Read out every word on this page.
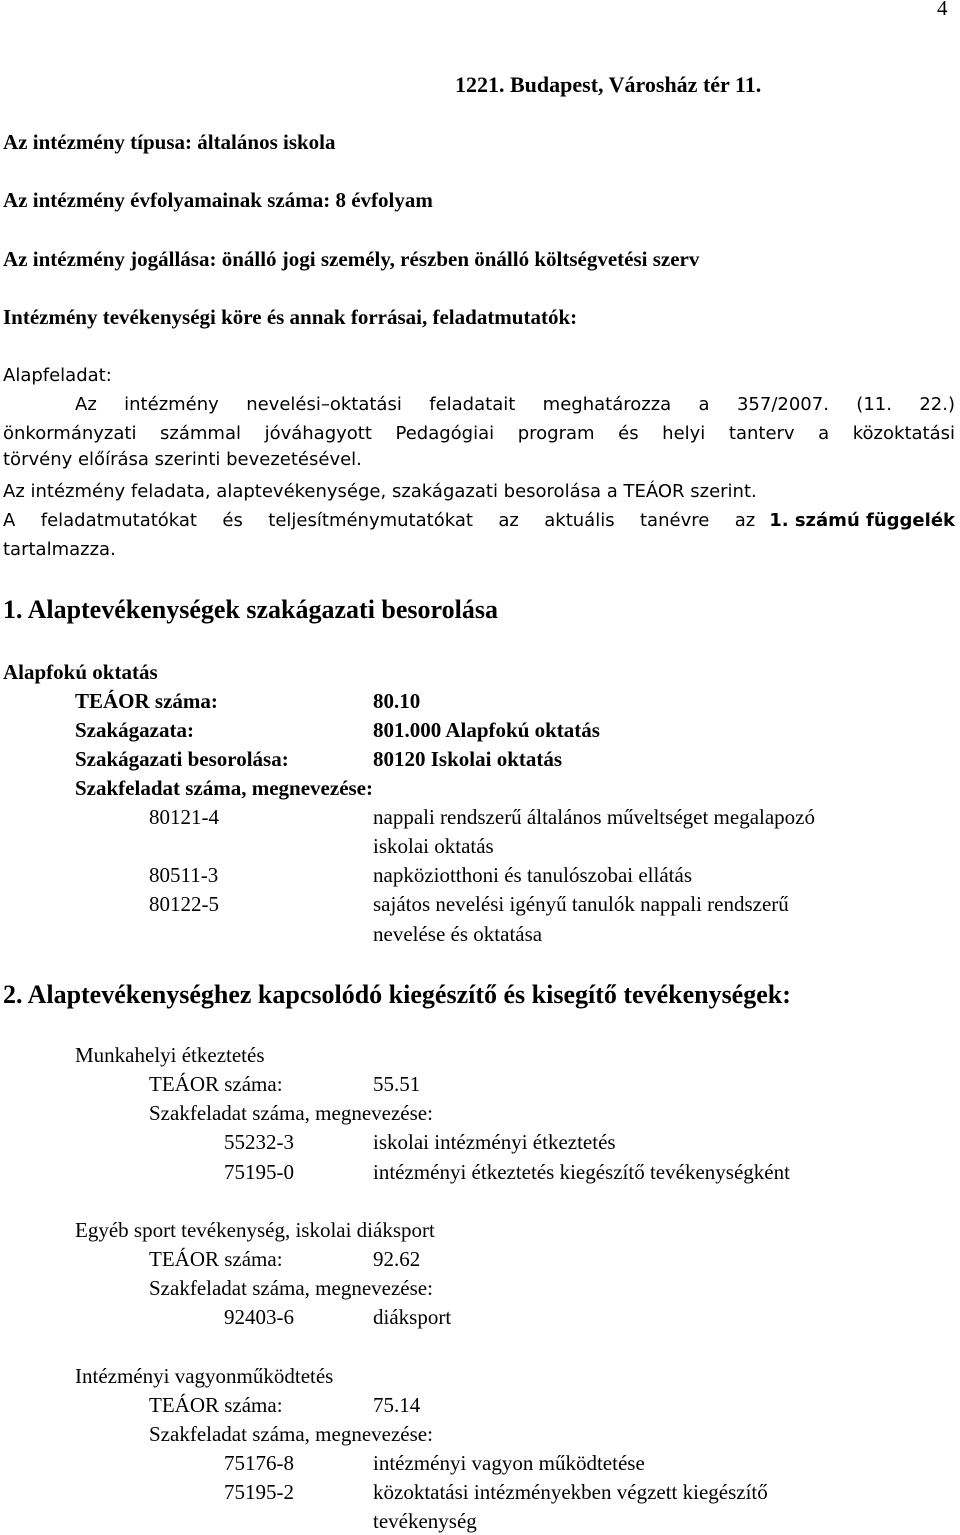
4
1221. Budapest, Városház tér 11.
Az intézmény típusa: általános iskola
Az intézmény évfolyamainak száma: 8 évfolyam
Az intézmény jogállása: önálló jogi személy, részben önálló költségvetési szerv
Intézmény tevékenységi köre és annak forrásai, feladatmutatók:
Alapfeladat:
Az intézmény nevelési–oktatási feladatait meghatározza a 357/2007. (11. 22.)
önkormányzati számmal jóváhagyott Pedagógiai program és helyi tanterv a közoktatási
törvény előírása szerinti bevezetésével.
Az intézmény feladata, alaptevékenysége, szakágazati besorolása a TEÁOR szerint.
A feladatmutatókat és teljesítménymutatókat az aktuális tanévre az 1. számú függelék
tartalmazza.
1. Alaptevékenységek szakágazati besorolása
Alapfokú oktatás
TEÁOR száma:	80.10
Szakágazata:	801.000 Alapfokú oktatás
Szakágazati besorolása:	80120 Iskolai oktatás
Szakfeladat száma, megnevezése:
80121-4	nappali rendszerű általános műveltséget megalapozó
iskolai oktatás
80511-3	napköziotthoni és tanulószobai ellátás
80122-5	sajátos nevelési igényű tanulók nappali rendszerű
nevelése és oktatása
2. Alaptevékenységhez kapcsolódó kiegészítő és kisegítő tevékenységek:
Munkahelyi étkeztetés
TEÁOR száma:	55.51
Szakfeladat száma, megnevezése:
55232-3	iskolai intézményi étkeztetés
75195-0	intézményi étkeztetés kiegészítő tevékenységként
Egyéb sport tevékenység, iskolai diáksport
TEÁOR száma:	92.62
Szakfeladat száma, megnevezése:
92403-6	diáksport
Intézményi vagyonműködtetés
TEÁOR száma:	75.14
Szakfeladat száma, megnevezése:
75176-8	intézményi vagyon működtetése
75195-2	közoktatási intézményekben végzett kiegészítő
tevékenység
